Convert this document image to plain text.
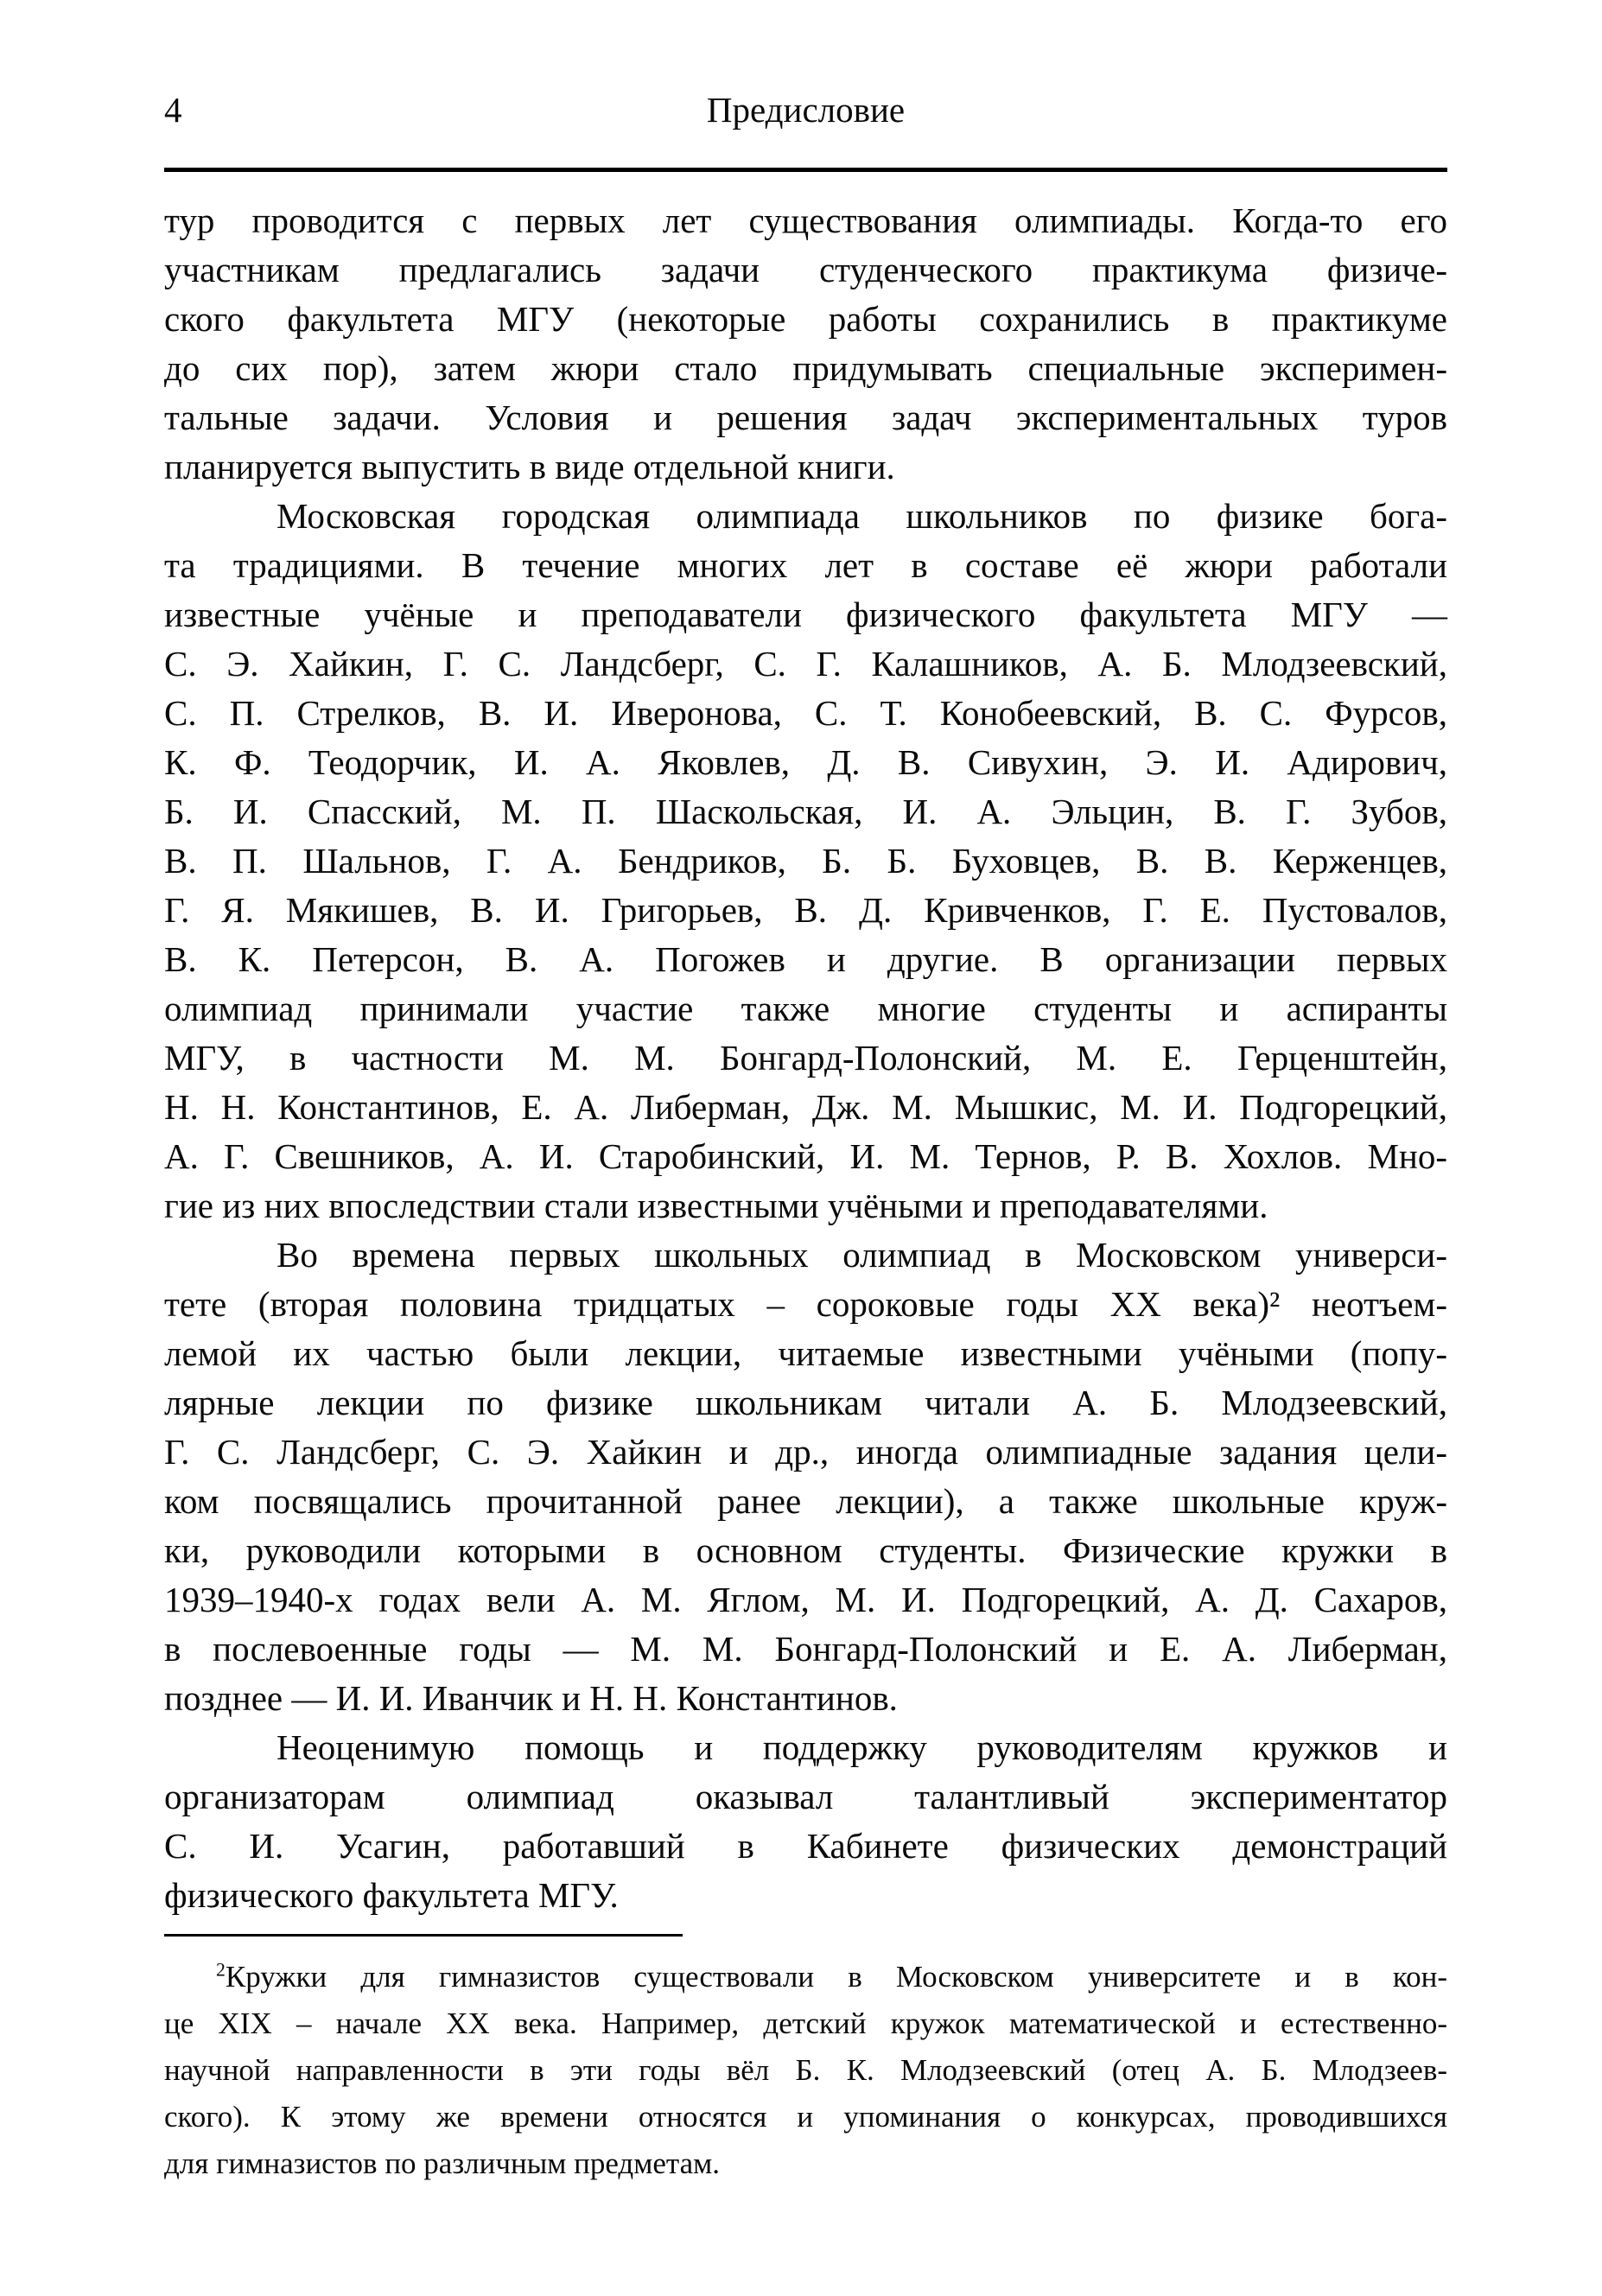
4	Предисловие
тур проводится с первых лет существования олимпиады. Когда-то его
участникам предлагались задачи студенческого практикума физиче-
ского факультета МГУ (некоторые работы сохранились в практикуме
до сих пор), затем жюри стало придумывать специальные эксперимен-
тальные задачи. Условия и решения задач экспериментальных туров
планируется выпустить в виде отдельной книги.
Московская городская олимпиада школьников по физике бога-
та традициями. В течение многих лет в составе её жюри работали
известные учёные и преподаватели физического факультета МГУ —
С. Э. Хайкин, Г. С. Ландсберг, С. Г. Калашников, А. Б. Млодзеевский,
С. П. Стрелков, В. И. Иверонова, С. Т. Конобеевский, В. С. Фурсов,
К. Ф. Теодорчик, И. А. Яковлев, Д. В. Сивухин, Э. И. Адирович,
Б. И. Спасский, М. П. Шаскольская, И. А. Эльцин, В. Г. Зубов,
В. П. Шальнов, Г. А. Бендриков, Б. Б. Буховцев, В. В. Керженцев,
Г. Я. Мякишев, В. И. Григорьев, В. Д. Кривченков, Г. Е. Пустовалов,
В. К. Петерсон, В. А. Погожев и другие. В организации первых
олимпиад принимали участие также многие студенты и аспиранты
МГУ, в частности М. М. Бонгард-Полонский, М. Е. Герценштейн,
Н. Н. Константинов, Е. А. Либерман, Дж. М. Мышкис, М. И. Подгорецкий,
А. Г. Свешников, А. И. Старобинский, И. М. Тернов, Р. В. Хохлов. Мно-
гие из них впоследствии стали известными учёными и преподавателями.
Во времена первых школьных олимпиад в Московском универси-
тете (вторая половина тридцатых – сороковые годы XX века)² неотъем-
лемой их частью были лекции, читаемые известными учёными (попу-
лярные лекции по физике школьникам читали А. Б. Млодзеевский,
Г. С. Ландсберг, С. Э. Хайкин и др., иногда олимпиадные задания цели-
ком посвящались прочитанной ранее лекции), а также школьные круж-
ки, руководили которыми в основном студенты. Физические кружки в
1939–1940-х годах вели А. М. Яглом, М. И. Подгорецкий, А. Д. Сахаров,
в послевоенные годы — М. М. Бонгард-Полонский и Е. А. Либерман,
позднее — И. И. Иванчик и Н. Н. Константинов.
Неоценимую помощь и поддержку руководителям кружков и
организаторам олимпиад оказывал талантливый экспериментатор
С. И. Усагин, работавший в Кабинете физических демонстраций
физического факультета МГУ.
$^2$Кружки для гимназистов существовали в Московском университете и в кон-
це XIX – начале XX века. Например, детский кружок математической и естественно-
научной направленности в эти годы вёл Б. К. Млодзеевский (отец А. Б. Млодзеев-
ского). К этому же времени относятся и упоминания о конкурсах, проводившихся
для гимназистов по различным предметам.
